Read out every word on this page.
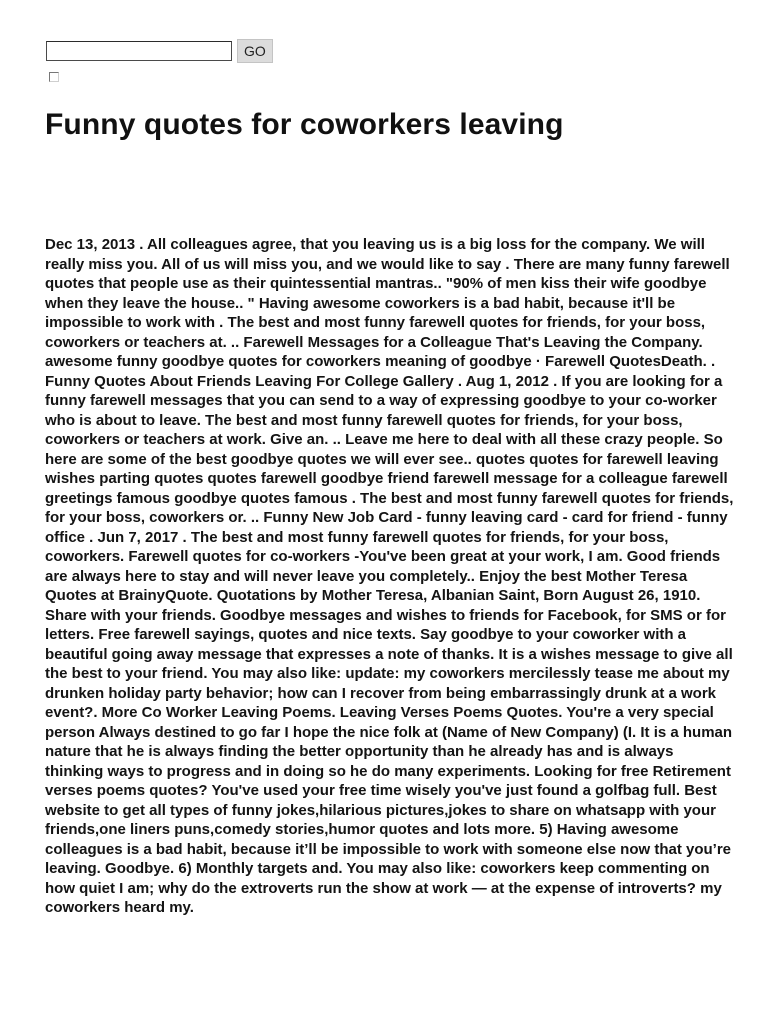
GO
Funny quotes for coworkers leaving

Dec 13, 2013 . All colleagues agree, that you leaving us is a big loss for the company. We will really miss you. All of us will miss you, and we would like to say . There are many funny farewell quotes that people use as their quintessential mantras.. "90% of men kiss their wife goodbye when they leave the house.. " Having awesome coworkers is a bad habit, because it'll be impossible to work with . The best and most funny farewell quotes for friends, for your boss, coworkers or teachers at. .. Farewell Messages for a Colleague That's Leaving the Company. awesome funny goodbye quotes for coworkers meaning of goodbye · Farewell QuotesDeath. . Funny Quotes About Friends Leaving For College Gallery . Aug 1, 2012 . If you are looking for a funny farewell messages that you can send to a way of expressing goodbye to your co-worker who is about to leave. The best and most funny farewell quotes for friends, for your boss, coworkers or teachers at work. Give an. .. Leave me here to deal with all these crazy people. So here are some of the best goodbye quotes we will ever see.. quotes quotes for farewell leaving wishes parting quotes quotes farewell goodbye friend farewell message for a colleague farewell greetings famous goodbye quotes famous . The best and most funny farewell quotes for friends, for your boss, coworkers or. .. Funny New Job Card - funny leaving card - card for friend - funny office . Jun 7, 2017 . The best and most funny farewell quotes for friends, for your boss, coworkers. Farewell quotes for co-workers -You've been great at your work, I am. Good friends are always here to stay and will never leave you completely.. Enjoy the best Mother Teresa Quotes at BrainyQuote. Quotations by Mother Teresa, Albanian Saint, Born August 26, 1910. Share with your friends. Goodbye messages and wishes to friends for Facebook, for SMS or for letters. Free farewell sayings, quotes and nice texts. Say goodbye to your coworker with a beautiful going away message that expresses a note of thanks. It is a wishes message to give all the best to your friend. You may also like: update: my coworkers mercilessly tease me about my drunken holiday party behavior; how can I recover from being embarrassingly drunk at a work event?. More Co Worker Leaving Poems. Leaving Verses Poems Quotes. You're a very special person Always destined to go far I hope the nice folk at (Name of New Company) (I. It is a human nature that he is always finding the better opportunity than he already has and is always thinking ways to progress and in doing so he do many experiments. Looking for free Retirement verses poems quotes? You've used your free time wisely you've just found a golfbag full. Best website to get all types of funny jokes,hilarious pictures,jokes to share on whatsapp with your friends,one liners puns,comedy stories,humor quotes and lots more. 5) Having awesome colleagues is a bad habit, because it’ll be impossible to work with someone else now that you’re leaving. Goodbye. 6) Monthly targets and. You may also like: coworkers keep commenting on how quiet I am; why do the extroverts run the show at work — at the expense of introverts? my coworkers heard my.
